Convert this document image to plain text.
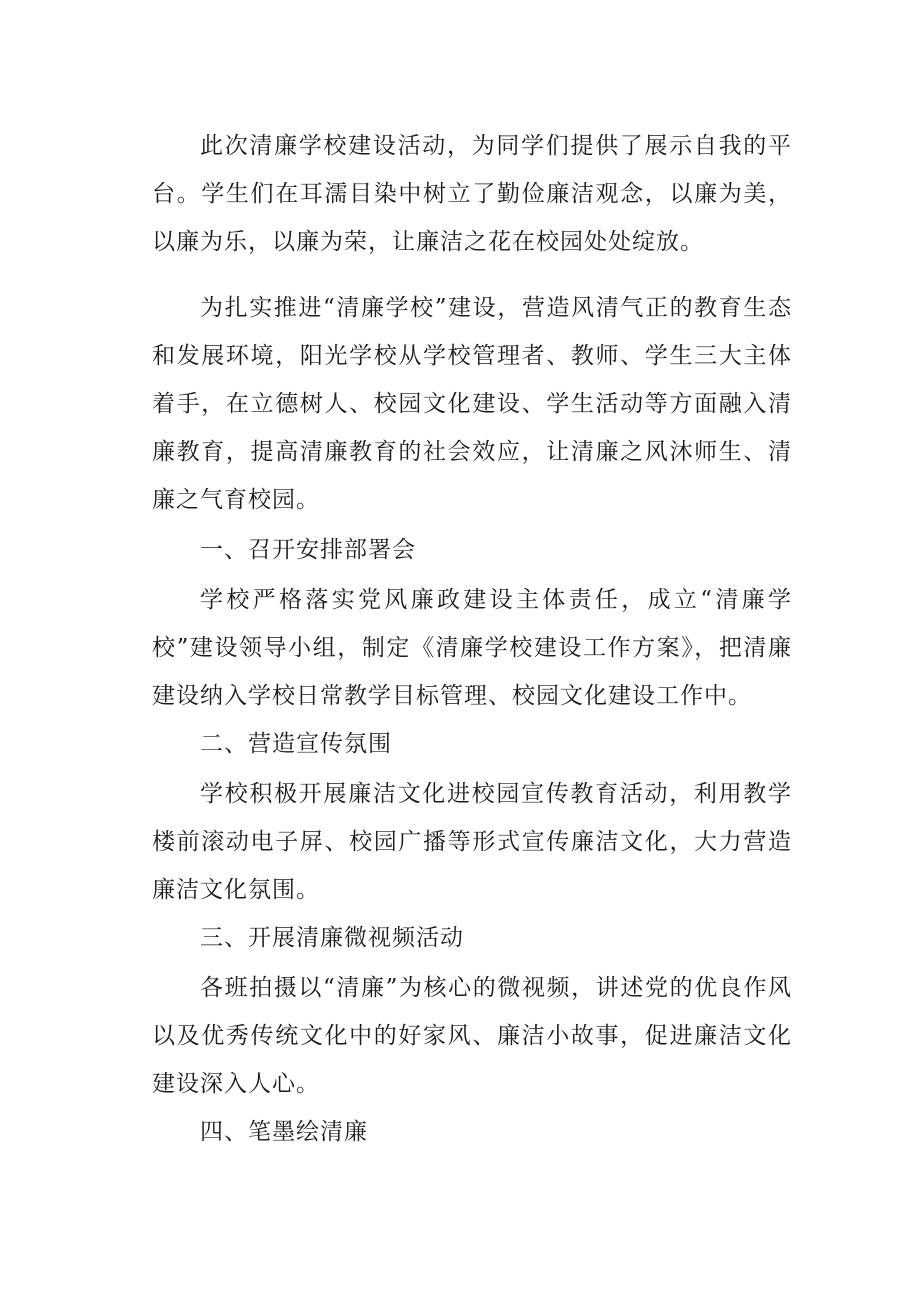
此次清廉学校建设活动，为同学们提供了展示自我的平台。学生们在耳濡目染中树立了勤俭廉洁观念，以廉为美，以廉为乐，以廉为荣，让廉洁之花在校园处处绽放。

为扎实推进“清廉学校”建设，营造风清气正的教育生态和发展环境，阳光学校从学校管理者、教师、学生三大主体着手，在立德树人、校园文化建设、学生活动等方面融入清廉教育，提高清廉教育的社会效应，让清廉之风沐师生、清廉之气育校园。

一、召开安排部署会

学校严格落实党风廉政建设主体责任，成立“清廉学校”建设领导小组，制定《清廉学校建设工作方案》，把清廉建设纳入学校日常教学目标管理、校园文化建设工作中。

二、营造宣传氛围

学校积极开展廉洁文化进校园宣传教育活动，利用教学楼前滚动电子屏、校园广播等形式宣传廉洁文化，大力营造廉洁文化氛围。

三、开展清廉微视频活动

各班拍摄以“清廉”为核心的微视频，讲述党的优良作风以及优秀传统文化中的好家风、廉洁小故事，促进廉洁文化建设深入人心。

四、笔墨绘清廉
